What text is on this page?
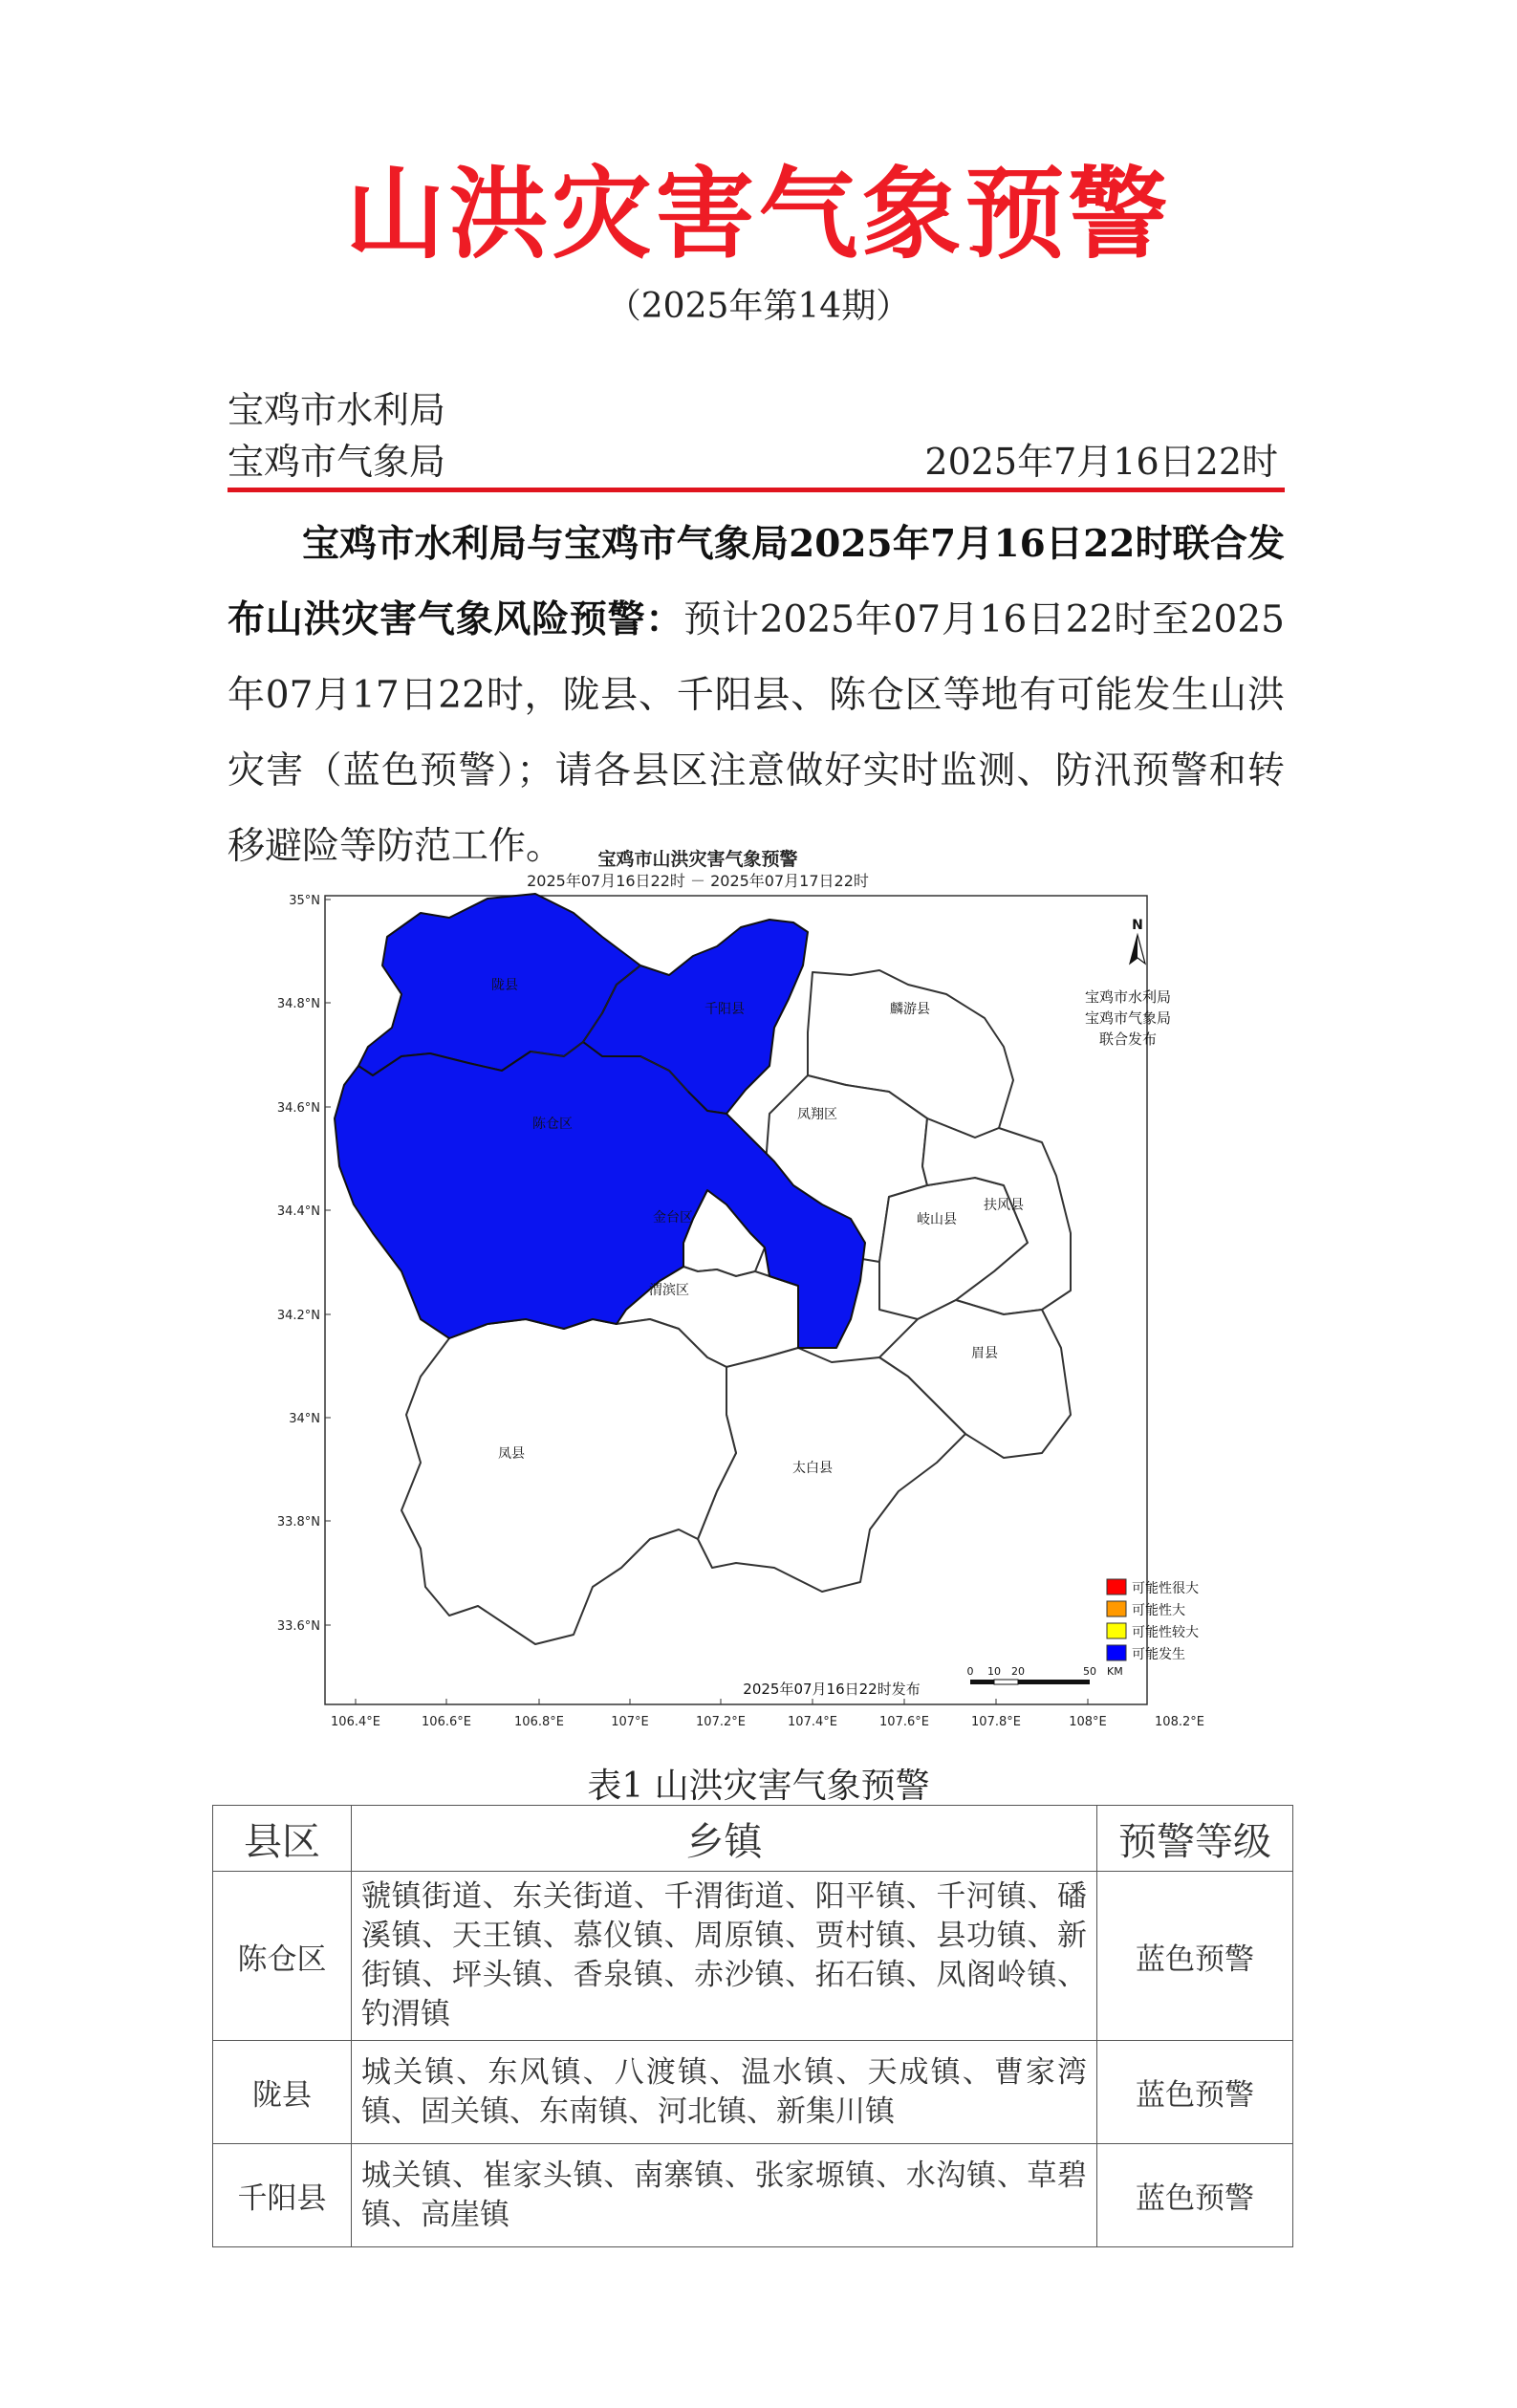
山洪灾害气象预警
（2025年第14期）
宝鸡市水利局
宝鸡市气象局	2025年7月16日22时
宝鸡市水利局与宝鸡市气象局2025年7月16日22时联合发布山洪灾害气象风险预警：预计2025年07月16日22时至2025年07月17日22时，陇县、千阳县、陈仓区等地有可能发生山洪灾害（蓝色预警）；请各县区注意做好实时监测、防汛预警和转移避险等防范工作。	宝鸡市山洪灾害气象预警
2025年07月16日22时 － 2025年07月17日22时
35°N
34.8°N
34.6°N
34.4°N
34.2°N
34°N
33.8°N
33.6°N
106.4°E	106.6°E	106.8°E	107°E	107.2°E	107.4°E	107.6°E	107.8°E	108°E	108.2°E
陇县
千阳县
陈仓区
麟游县
凤翔区
岐山县
扶风县
金台区
渭滨区
眉县
凤县
太白县
N
宝鸡市水利局
宝鸡市气象局
联合发布
可能性很大
可能性大
可能性较大
可能发生
2025年07月16日22时发布
0 10 20	50 KM
表1 山洪灾害气象预警
县区	乡镇	预警等级
陈仓区	虢镇街道、东关街道、千渭街道、阳平镇、千河镇、磻溪镇、天王镇、慕仪镇、周原镇、贾村镇、县功镇、新街镇、坪头镇、香泉镇、赤沙镇、拓石镇、凤阁岭镇、钓渭镇	蓝色预警
陇县	城关镇、东风镇、八渡镇、温水镇、天成镇、曹家湾镇、固关镇、东南镇、河北镇、新集川镇	蓝色预警
千阳县	城关镇、崔家头镇、南寨镇、张家塬镇、水沟镇、草碧镇、高崖镇	蓝色预警
